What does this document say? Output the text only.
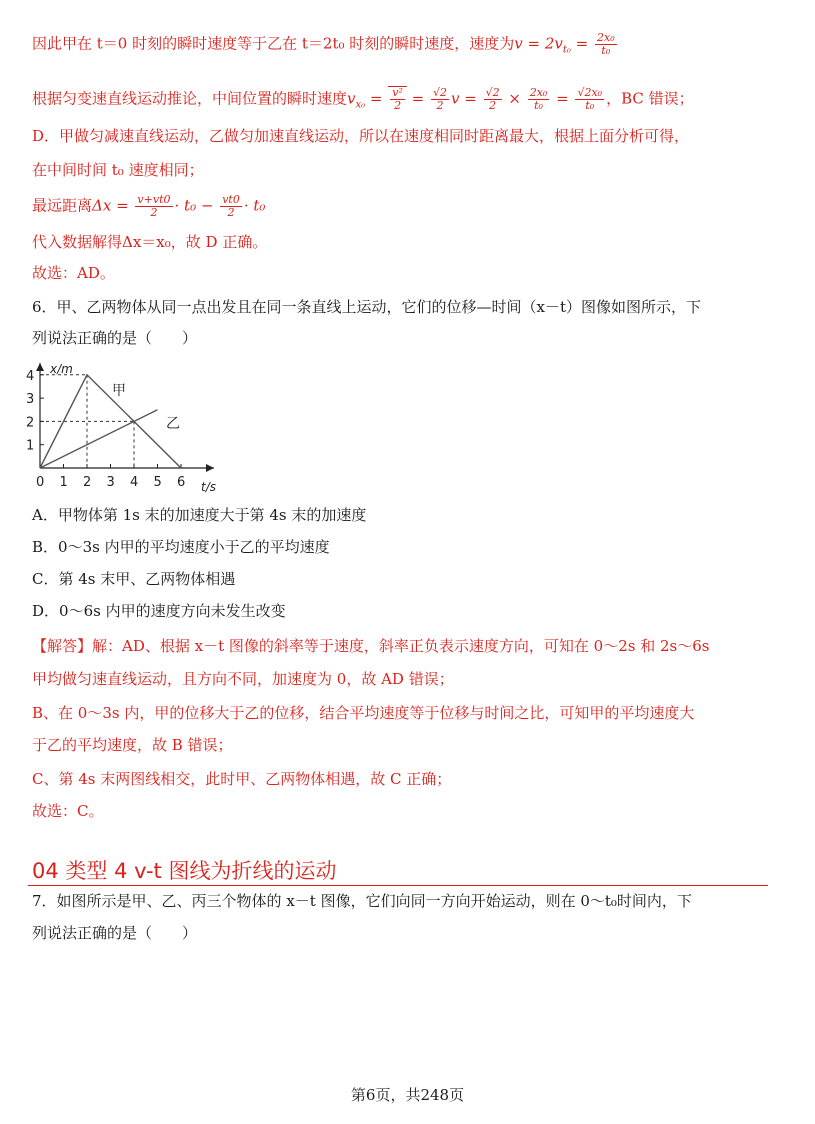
因此甲在 t＝0 时刻的瞬时速度等于乙在 t＝2t₀ 时刻的瞬时速度，速度为$v = 2v_{t_0} = \frac{\text{2x₀}}{\text{t₀}}$
根据匀变速直线运动推论，中间位置的瞬时速度$v_{x_0} = \frac{\text{v²}}{2} = \frac{√2}{2}$ $v = \frac{√2}{2} \times \frac{\text{2x₀}}{\text{t₀}} = \frac{\text{√2x₀}}{\text{t₀}}$ ，BC 错误；
D．甲做匀减速直线运动，乙做匀加速直线运动，所以在速度相同时距离最大，根据上面分析可得，
在中间时间 t₀ 速度相同；
最远距离$\Delta x = \frac{v+vt0}{2} \cdot t_0 - \frac{vt0}{2} \cdot t_0$
代入数据解得Δx＝x₀，故 D 正确。
故选：AD。
6．甲、乙两物体从同一点出发且在同一条直线上运动，它们的位移—时间（x－t）图像如图所示，下
列说法正确的是（　　）
x/m
t/s
0 1 2 3 4 5 6
1
2
3
4
甲
乙
A．甲物体第 1s 末的加速度大于第 4s 末的加速度
B．0～3s 内甲的平均速度小于乙的平均速度
C．第 4s 末甲、乙两物体相遇
D．0～6s 内甲的速度方向未发生改变
【解答】解：AD、根据 x－t 图像的斜率等于速度，斜率正负表示速度方向，可知在 0～2s 和 2s～6s
甲均做匀速直线运动，且方向不同，加速度为 0，故 AD 错误；
B、在 0～3s 内，甲的位移大于乙的位移，结合平均速度等于位移与时间之比，可知甲的平均速度大
于乙的平均速度，故 B 错误；
C、第 4s 末两图线相交，此时甲、乙两物体相遇，故 C 正确；
故选：C。
04 类型 4 v-t 图线为折线的运动
7．如图所示是甲、乙、丙三个物体的 x－t 图像，它们向同一方向开始运动，则在 0～t₀时间内，下
列说法正确的是（　　）
第6页，共248页
